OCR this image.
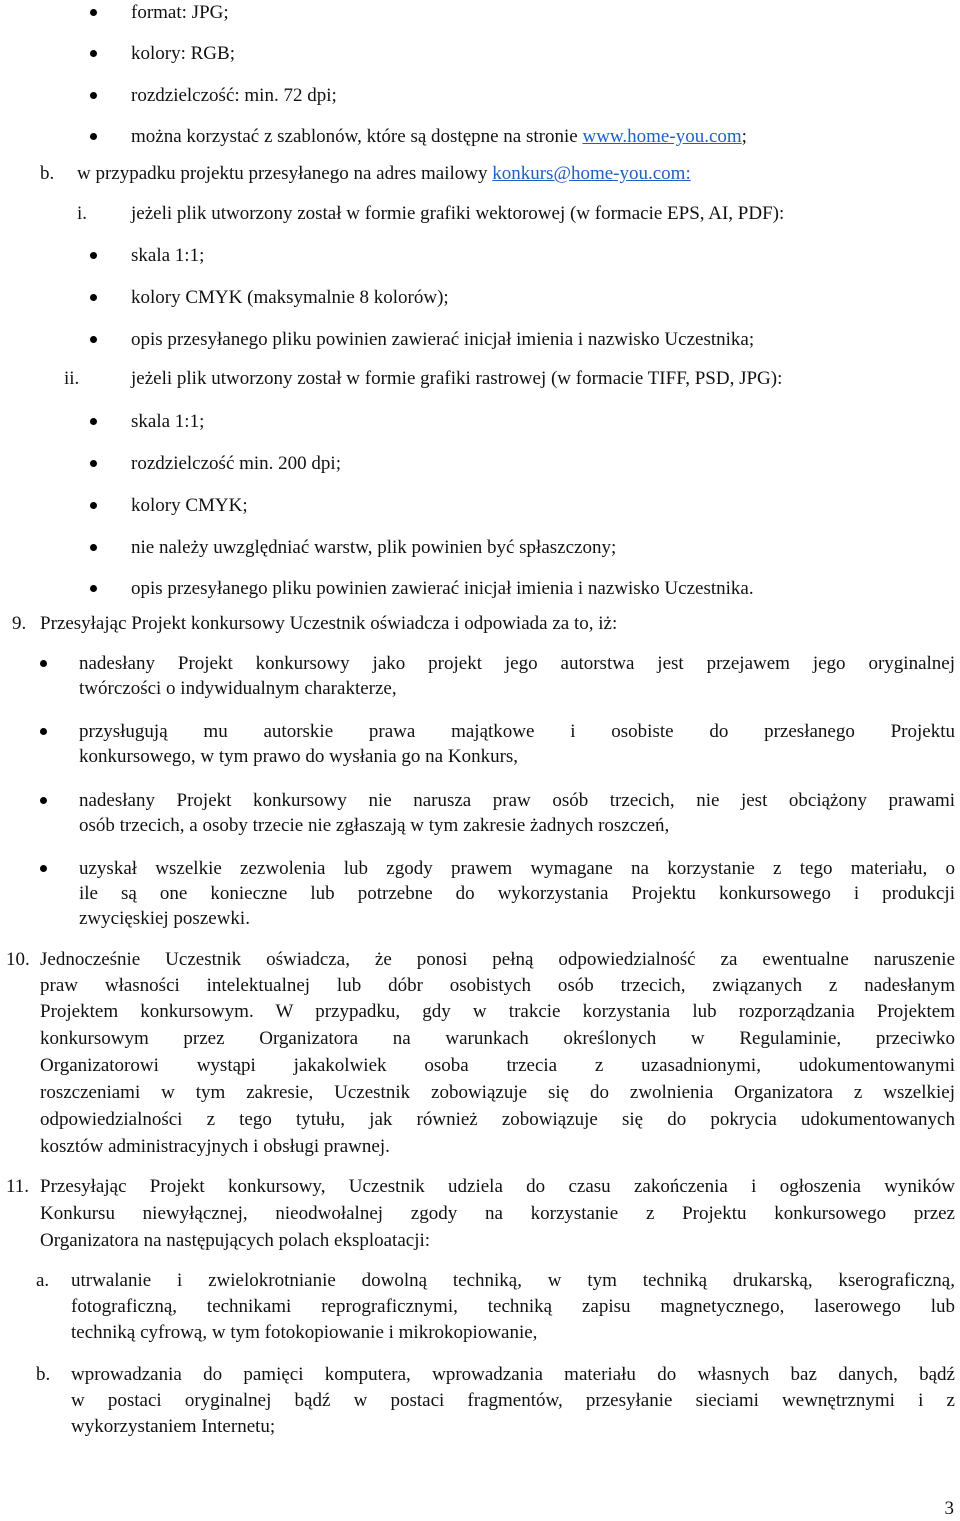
format: JPG;
kolory: RGB;
rozdzielczość: min. 72 dpi;
można korzystać z szablonów, które są dostępne na stronie www.home-you.com;
b. w przypadku projektu przesyłanego na adres mailowy konkurs@home-you.com:
i. jeżeli plik utworzony został w formie grafiki wektorowej (w formacie EPS, AI, PDF):
skala 1:1;
kolory CMYK (maksymalnie 8 kolorów);
opis przesyłanego pliku powinien zawierać inicjał imienia i nazwisko Uczestnika;
ii.	jeżeli plik utworzony został w formie grafiki rastrowej (w formacie TIFF, PSD, JPG):
skala 1:1;
rozdzielczość min. 200 dpi;
kolory CMYK;
nie należy uwzględniać warstw, plik powinien być spłaszczony;
opis przesyłanego pliku powinien zawierać inicjał imienia i nazwisko Uczestnika.
9. Przesyłając Projekt konkursowy Uczestnik oświadcza i odpowiada za to, iż:
nadesłany Projekt konkursowy jako projekt jego autorstwa jest przejawem jego oryginalnej
twórczości o indywidualnym charakterze,
przysługują mu autorskie prawa majątkowe i osobiste do przesłanego Projektu
konkursowego, w tym prawo do wysłania go na Konkurs,
nadesłany Projekt konkursowy nie narusza praw osób trzecich, nie jest obciążony prawami
osób trzecich, a osoby trzecie nie zgłaszają w tym zakresie żadnych roszczeń,
uzyskał wszelkie zezwolenia lub zgody prawem wymagane na korzystanie z tego materiału, o
ile są one konieczne lub potrzebne do wykorzystania Projektu konkursowego i produkcji
zwycięskiej poszewki.
10. Jednocześnie Uczestnik oświadcza, że ponosi pełną odpowiedzialność za ewentualne naruszenie
praw własności intelektualnej lub dóbr osobistych osób trzecich, związanych z nadesłanym
Projektem konkursowym. W przypadku, gdy w trakcie korzystania lub rozporządzania Projektem
konkursowym przez Organizatora na warunkach określonych w Regulaminie, przeciwko
Organizatorowi wystąpi jakakolwiek osoba trzecia z uzasadnionymi, udokumentowanymi
roszczeniami w tym zakresie, Uczestnik zobowiązuje się do zwolnienia Organizatora z wszelkiej
odpowiedzialności z tego tytułu, jak również zobowiązuje się do pokrycia udokumentowanych
kosztów administracyjnych i obsługi prawnej.
11. Przesyłając Projekt konkursowy, Uczestnik udziela do czasu zakończenia i ogłoszenia wyników
Konkursu niewyłącznej, nieodwołalnej zgody na korzystanie z Projektu konkursowego przez
Organizatora na następujących polach eksploatacji:
a. utrwalanie i zwielokrotnianie dowolną techniką, w tym techniką drukarską, kserograficzną,
fotograficzną, technikami reprograficznymi, techniką zapisu magnetycznego, laserowego lub
techniką cyfrową, w tym fotokopiowanie i mikrokopiowanie,
b. wprowadzania do pamięci komputera, wprowadzania materiału do własnych baz danych, bądź
w postaci oryginalnej bądź w postaci fragmentów, przesyłanie sieciami wewnętrznymi i z
wykorzystaniem Internetu;
3
